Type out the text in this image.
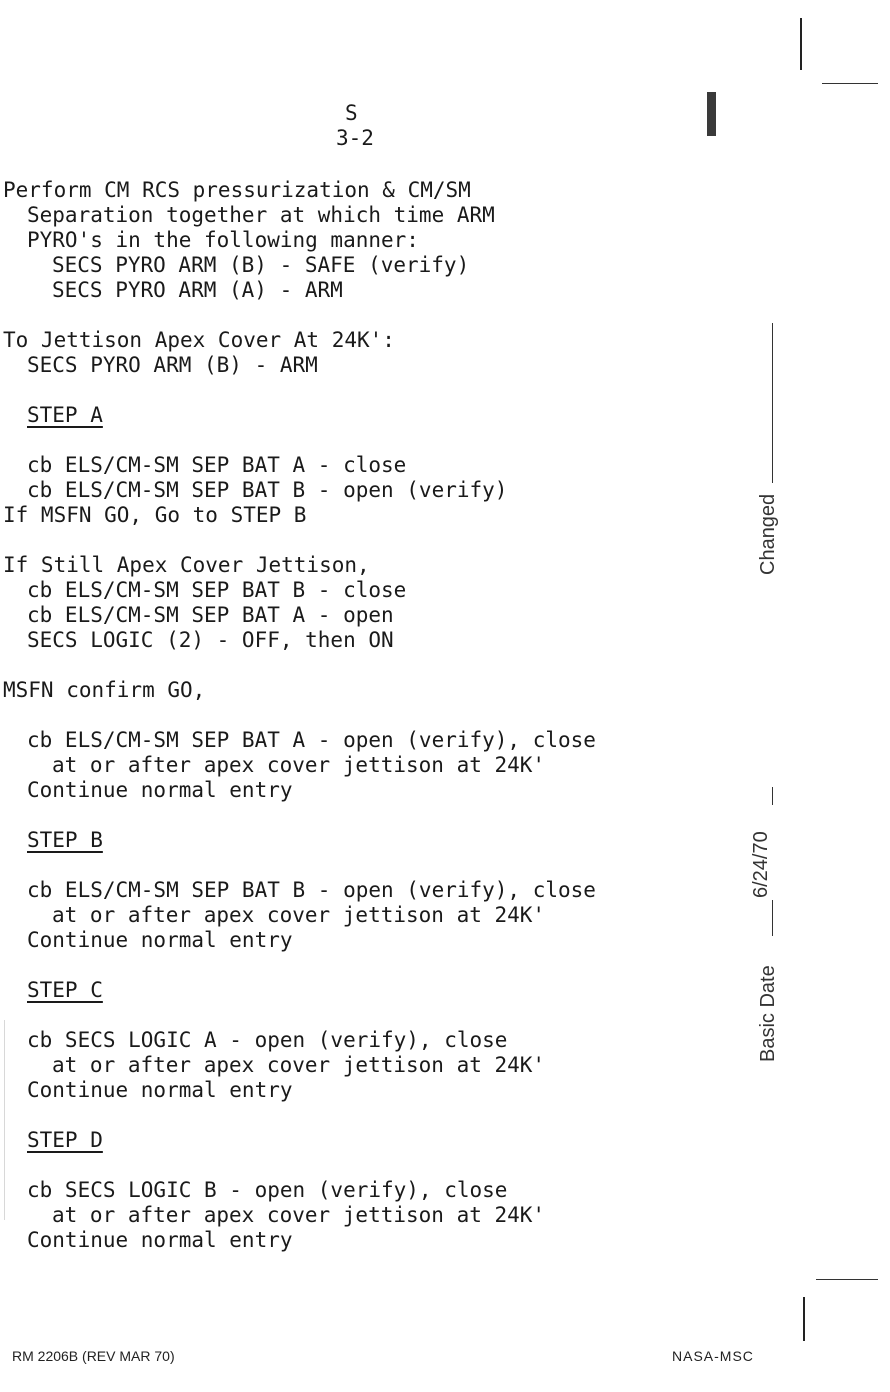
S
3-2
Perform CM RCS pressurization & CM/SM
Separation together at which time ARM
PYRO's in the following manner:
SECS PYRO ARM (B) - SAFE (verify)
SECS PYRO ARM (A) - ARM
To Jettison Apex Cover At 24K':
SECS PYRO ARM (B) - ARM
STEP A
cb ELS/CM-SM SEP BAT A - close
cb ELS/CM-SM SEP BAT B - open (verify)
If MSFN GO, Go to STEP B
If Still Apex Cover Jettison,
cb ELS/CM-SM SEP BAT B - close
cb ELS/CM-SM SEP BAT A - open
SECS LOGIC (2) - OFF, then ON
MSFN confirm GO,
cb ELS/CM-SM SEP BAT A - open (verify), close
at or after apex cover jettison at 24K'
Continue normal entry
STEP B
cb ELS/CM-SM SEP BAT B - open (verify), close
at or after apex cover jettison at 24K'
Continue normal entry
STEP C
cb SECS LOGIC A - open (verify), close
at or after apex cover jettison at 24K'
Continue normal entry
STEP D
cb SECS LOGIC B - open (verify), close
at or after apex cover jettison at 24K'
Continue normal entry
Changed
6/24/70
Basic Date
RM 2206B (REV MAR 70)	NASA-MSC
